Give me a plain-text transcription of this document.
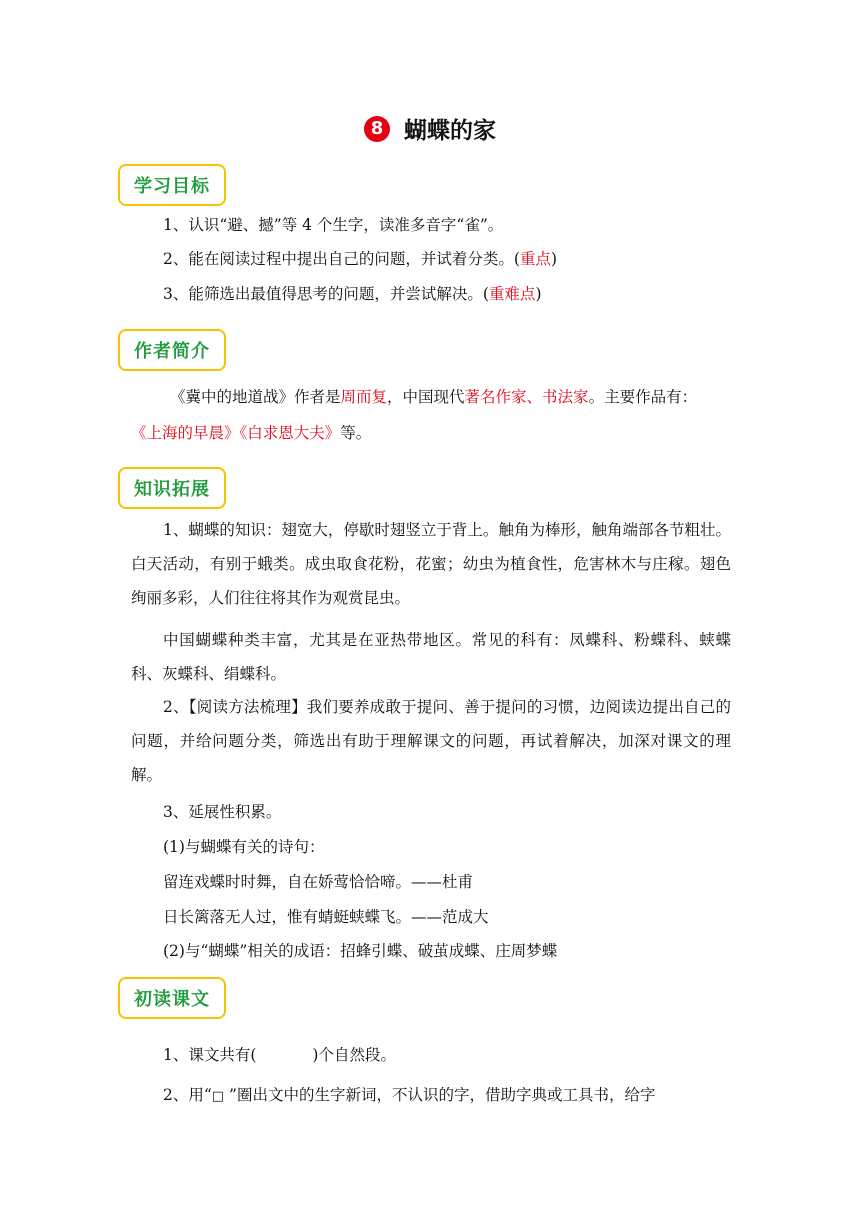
8 蝴蝶的家
学习目标
1、认识“避、撼”等 4 个生字，读准多音字“雀”。
2、能在阅读过程中提出自己的问题，并试着分类。(重点)
3、能筛选出最值得思考的问题，并尝试解决。(重难点)
作者简介
《冀中的地道战》作者是周而复，中国现代著名作家、书法家。主要作品有：
《上海的早晨》《白求恩大夫》等。
知识拓展
1、蝴蝶的知识：翅宽大，停歇时翅竖立于背上。触角为棒形，触角端部各节粗壮。白天活动，有别于蛾类。成虫取食花粉，花蜜；幼虫为植食性，危害林木与庄稼。翅色绚丽多彩，人们往往将其作为观赏昆虫。
中国蝴蝶种类丰富，尤其是在亚热带地区。常见的科有：凤蝶科、粉蝶科、蛱蝶科、灰蝶科、绢蝶科。
2、【阅读方法梳理】我们要养成敢于提问、善于提问的习惯，边阅读边提出自己的问题，并给问题分类，筛选出有助于理解课文的问题，再试着解决，加深对课文的理解。
3、延展性积累。
(1)与蝴蝶有关的诗句：
留连戏蝶时时舞，自在娇莺恰恰啼。——杜甫
日长篱落无人过，惟有蜻蜓蛱蝶飞。——范成大
(2)与“蝴蝶”相关的成语：招蜂引蝶、破茧成蝶、庄周梦蝶
初读课文
1、课文共有(	)个自然段。
2、用“□ ”圈出文中的生字新词，不认识的字，借助字典或工具书，给字
